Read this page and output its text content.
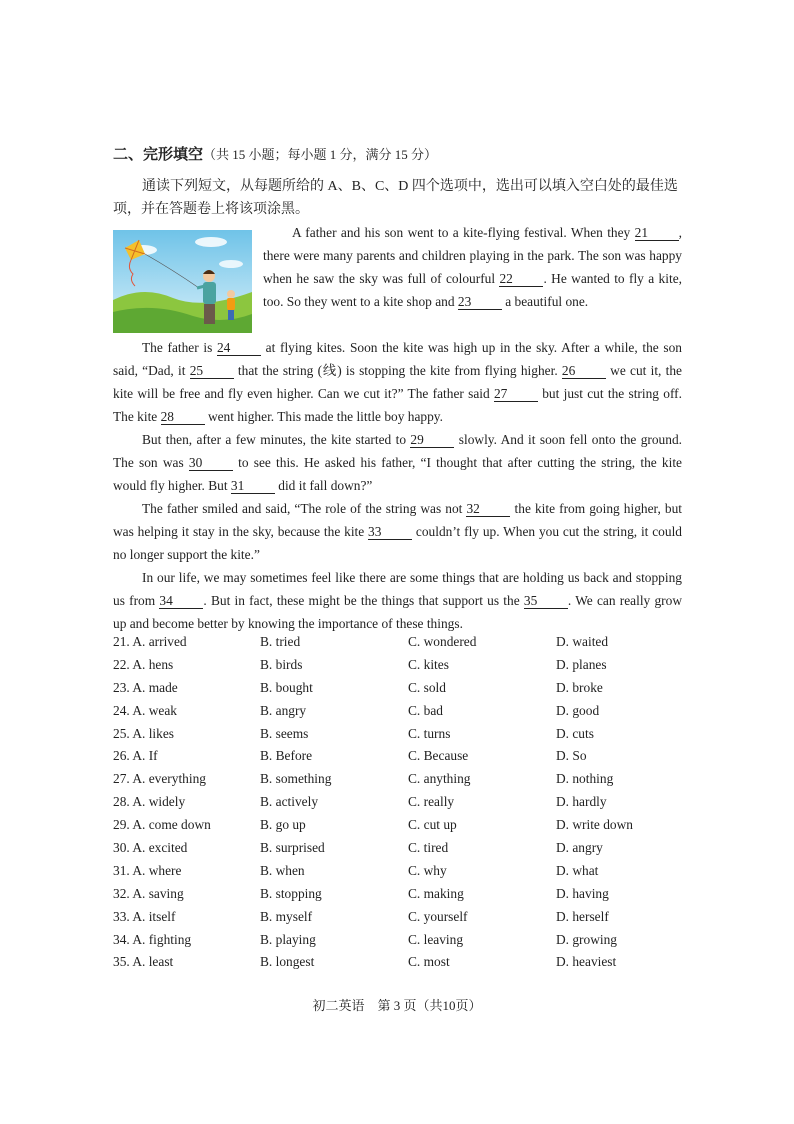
二、完形填空（共 15 小题；每小题 1 分，满分 15 分）
通读下列短文，从每题所给的 A、B、C、D 四个选项中，选出可以填入空白处的最佳选项，并在答题卷上将该项涂黑。
A father and his son went to a kite-flying festival. When they 21 , there were many parents and children playing in the park. The son was happy when he saw the sky was full of colourful 22 . He wanted to fly a kite, too. So they went to a kite shop and 23 a beautiful one.
The father is 24 at flying kites. Soon the kite was high up in the sky. After a while, the son said, “Dad, it 25 that the string (线) is stopping the kite from flying higher. 26 we cut it, the kite will be free and fly even higher. Can we cut it?” The father said 27 but just cut the string off. The kite 28 went higher. This made the little boy happy.
But then, after a few minutes, the kite started to 29 slowly. And it soon fell onto the ground. The son was 30 to see this. He asked his father, “I thought that after cutting the string, the kite would fly higher. But 31 did it fall down?”
The father smiled and said, “The role of the string was not 32 the kite from going higher, but was helping it stay in the sky, because the kite 33 couldn’t fly up. When you cut the string, it could no longer support the kite.”
In our life, we may sometimes feel like there are some things that are holding us back and stopping us from 34 . But in fact, these might be the things that support us the 35 . We can really grow up and become better by knowing the importance of these things.
21. A. arrived	B. tried	C. wondered	D. waited
22. A. hens	B. birds	C. kites	D. planes
23. A. made	B. bought	C. sold	D. broke
24. A. weak	B. angry	C. bad	D. good
25. A. likes	B. seems	C. turns	D. cuts
26. A. If	B. Before	C. Because	D. So
27. A. everything	B. something	C. anything	D. nothing
28. A. widely	B. actively	C. really	D. hardly
29. A. come down	B. go up	C. cut up	D. write down
30. A. excited	B. surprised	C. tired	D. angry
31. A. where	B. when	C. why	D. what
32. A. saving	B. stopping	C. making	D. having
33. A. itself	B. myself	C. yourself	D. herself
34. A. fighting	B. playing	C. leaving	D. growing
35. A. least	B. longest	C. most	D. heaviest
初二英语　第 3 页（共10页）
